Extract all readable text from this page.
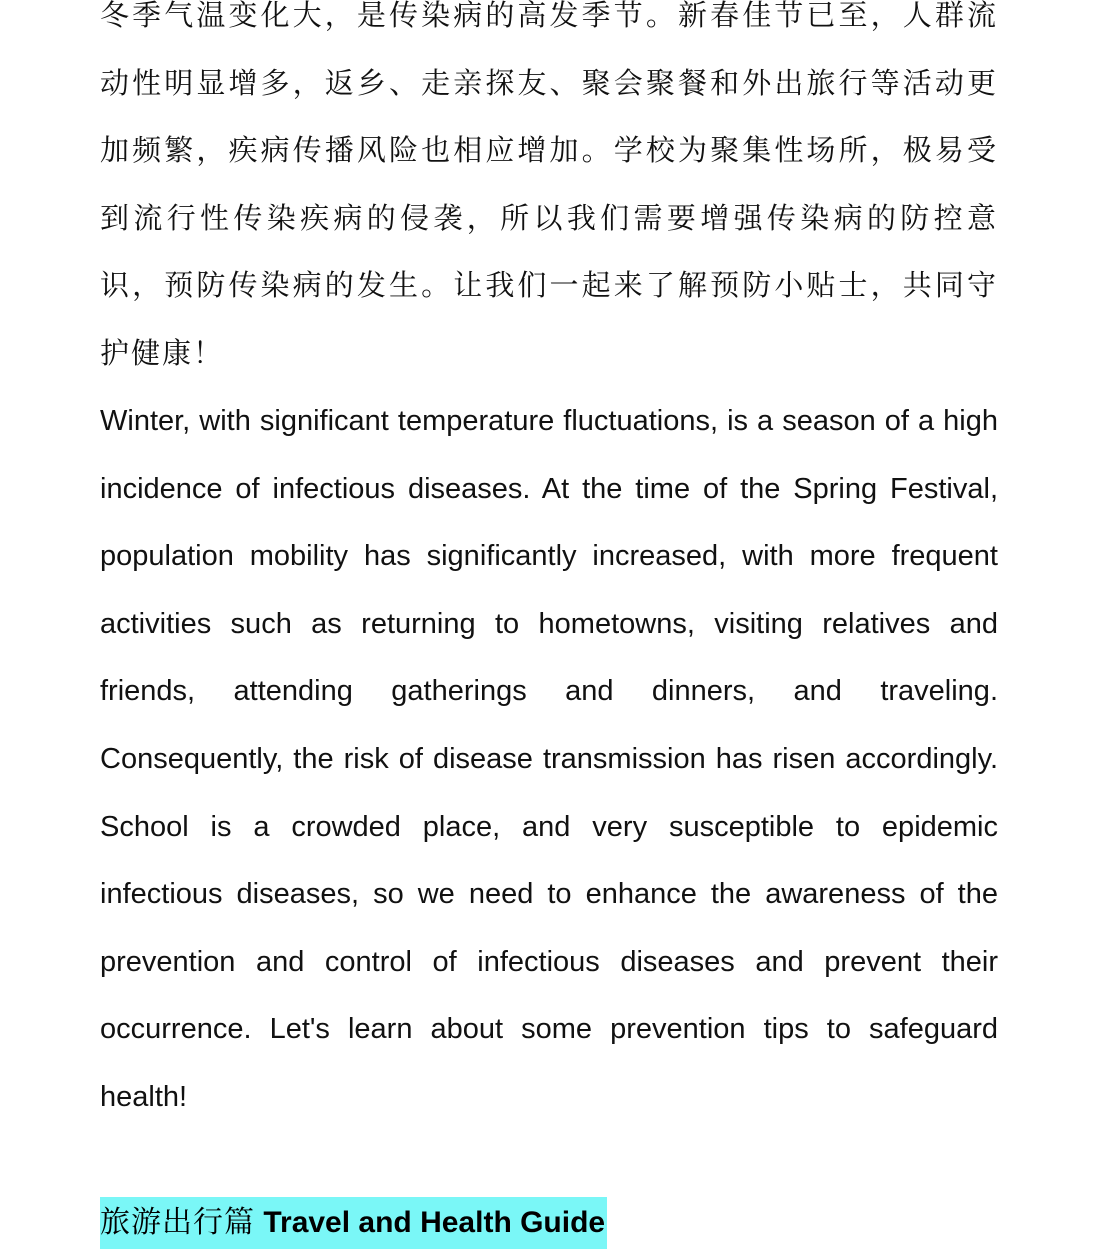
冬季气温变化大，是传染病的高发季节。新春佳节已至，人群流动性明显增多，返乡、走亲探友、聚会聚餐和外出旅行等活动更加频繁，疾病传播风险也相应增加。学校为聚集性场所，极易受到流行性传染疾病的侵袭，所以我们需要增强传染病的防控意识，预防传染病的发生。让我们一起来了解预防小贴士，共同守护健康！

Winter, with significant temperature fluctuations, is a season of a high incidence of infectious diseases. At the time of the Spring Festival, population mobility has significantly increased, with more frequent activities such as returning to hometowns, visiting relatives and friends, attending gatherings and dinners, and traveling. Consequently, the risk of disease transmission has risen accordingly. School is a crowded place, and very susceptible to epidemic infectious diseases, so we need to enhance the awareness of the prevention and control of infectious diseases and prevent their occurrence. Let's learn about some prevention tips to safeguard health!

旅游出行篇 Travel and Health Guide
